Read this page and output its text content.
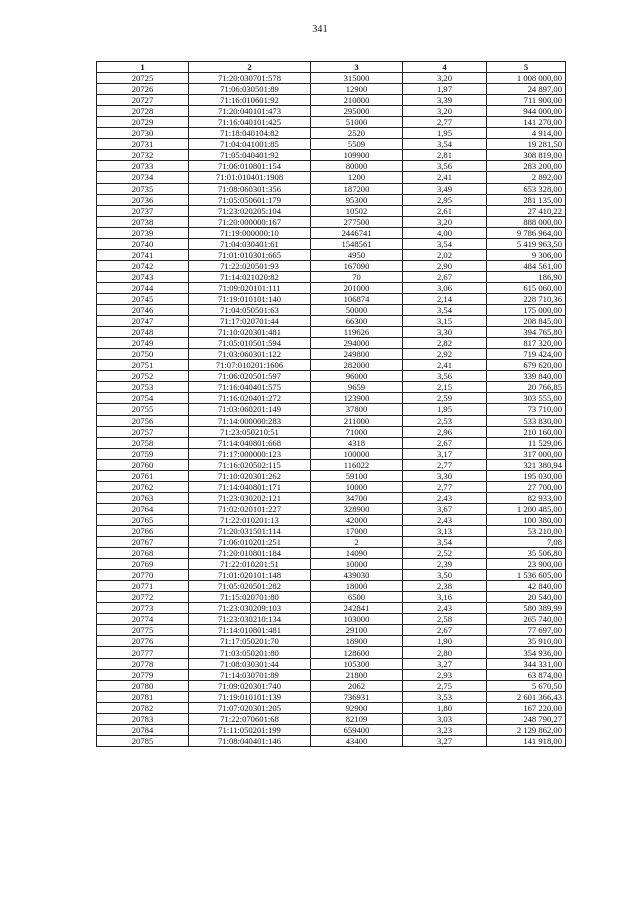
341
1	2	3	4	5
20725	71:20:030701:578	315000	3,20	1 008 000,00
20726	71:06:030501:89	12900	1,97	24 897,00
20727	71:16:010601:92	210000	3,39	711 900,00
20728	71:20:040101:473	295000	3,20	944 000,00
20729	71:16:040101:425	51000	2,77	141 270,00
20730	71:18:040104:82	2520	1,95	4 914,00
20731	71:04:041001:85	5509	3,54	19 281,50
20732	71:05:040401:92	109900	2,81	308 819,00
20733	71:06:010801:154	80000	3,56	283 200,00
20734	71:01:010401:1908	1200	2,41	2 892,00
20735	71:08:060301:356	187200	3,49	653 328,00
20736	71:05:050601:179	95300	2,95	281 135,00
20737	71:23:020205:104	10502	2,61	27 410,22
20738	71:20:000000:167	277500	3,20	888 000,00
20739	71:19:000000:10	2446741	4,00	9 786 964,00
20740	71:04:030401:61	1548561	3,54	5 419 963,50
20741	71:01:010301:665	4950	2,02	9 306,00
20742	71:22:020501:93	167090	2,90	484 561,00
20743	71:14:021020:82	70	2,67	186,90
20744	71:09:020101:111	201000	3,06	615 060,00
20745	71:19:010101:140	106874	2,14	228 710,36
20746	71:04:050501:63	50000	3,54	175 000,00
20747	71:17:020701:44	66300	3,15	208 845,00
20748	71:10:020301:481	119626	3,30	394 765,80
20749	71:05:010501:594	294000	2,82	817 320,00
20750	71:03:060301:122	249800	2,92	719 424,00
20751	71:07:010201:1606	282000	2,41	679 620,00
20752	71:06:020501:597	96000	3,56	339 840,00
20753	71:16:040401:575	9659	2,15	20 766,85
20754	71:16:020401:272	123900	2,59	303 555,00
20755	71:03:060201:149	37800	1,95	73 710,00
20756	71:14:000000:283	211000	2,53	533 830,00
20757	71:23:050210:51	71000	2,96	210 160,00
20758	71:14:040801:668	4318	2,67	11 529,06
20759	71:17:000000:123	100000	3,17	317 000,00
20760	71:16:020502:115	116022	2,77	321 380,94
20761	71:10:020301:262	59100	3,30	195 030,00
20762	71:14:040801:171	10000	2,77	27 700,00
20763	71:23:030202:121	34700	2,43	82 933,00
20764	71:02:020101:227	328900	3,67	1 200 485,00
20765	71:22:010201:13	42000	2,43	100 380,00
20766	71:20:031501:114	17000	3,13	53 210,00
20767	71:06:010201:251	2	3,54	7,08
20768	71:20:010801:184	14090	2,52	35 506,80
20769	71:22:010201:51	10000	2,39	23 900,00
20770	71:01:020101:148	439030	3,50	1 536 605,00
20771	71:05:020501:282	18000	2,38	42 840,00
20772	71:15:020701:80	6500	3,16	20 540,00
20773	71:23:030209:103	242841	2,43	580 389,99
20774	71:23:030210:134	103000	2,58	265 740,00
20775	71:14:010801:481	29100	2,67	77 697,00
20776	71:17:050201:70	18900	1,90	35 910,00
20777	71:03:050201:80	128600	2,80	354 936,00
20778	71:08:030301:44	105300	3,27	344 331,00
20779	71:14:030701:89	21800	2,93	63 874,00
20780	71:09:020301:740	2062	2,75	5 670,50
20781	71:19:010101:139	736931	3,53	2 601 366,43
20782	71:07:020301:205	92900	1,80	167 220,00
20783	71:22:070601:68	82109	3,03	248 790,27
20784	71:11:050201:199	659400	3,23	2 129 862,00
20785	71:08:040401:146	43400	3,27	141 918,00
